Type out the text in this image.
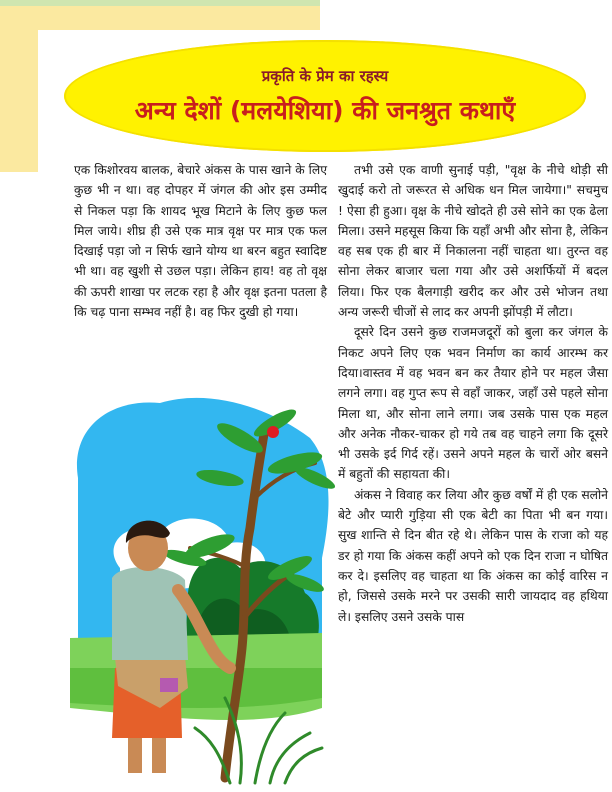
प्रकृति के प्रेम का रहस्य

अन्य देशों (मलयेशिया) की जनश्रुत कथाएँ

एक किशोरवय बालक, बेचारे अंकस के पास खाने के लिए कुछ भी न था। वह दोपहर में जंगल की ओर इस उम्मीद से निकल पड़ा कि शायद भूख मिटाने के लिए कुछ फल मिल जाये। शीघ्र ही उसे एक मात्र वृक्ष पर मात्र एक फल दिखाई पड़ा जो न सिर्फ खाने योग्य था बरन बहुत स्वादिष्ट भी था। वह खुशी से उछल पड़ा। लेकिन हाय! वह तो वृक्ष की ऊपरी शाखा पर लटक रहा है और वृक्ष इतना पतला है कि चढ़ पाना सम्भव नहीं है। वह फिर दुखी हो गया।

तभी उसे एक वाणी सुनाई पड़ी, "वृक्ष के नीचे थोड़ी सी खुदाई करो तो जरूरत से अधिक धन मिल जायेगा।" सचमुच ! ऐसा ही हुआ। वृक्ष के नीचे खोदते ही उसे सोने का एक ढेला मिला। उसने महसूस किया कि यहाँ अभी और सोना है, लेकिन वह सब एक ही बार में निकालना नहीं चाहता था। तुरन्त वह सोना लेकर बाजार चला गया और उसे अशर्फियों में बदल लिया। फिर एक बैलगाड़ी खरीद कर और उसे भोजन तथा अन्य जरूरी चीजों से लाद कर अपनी झोंपड़ी में लौटा।

दूसरे दिन उसने कुछ राजमजदूरों को बुला कर जंगल के निकट अपने लिए एक भवन निर्माण का कार्य आरम्भ कर दिया।वास्तव में वह भवन बन कर तैयार होने पर महल जैसा लगने लगा। वह गुप्त रूप से वहाँ जाकर, जहाँ उसे पहले सोना मिला था, और सोना लाने लगा। जब उसके पास एक महल और अनेक नौकर-चाकर हो गये तब वह चाहने लगा कि दूसरे भी उसके इर्द गिर्द रहें। उसने अपने महल के चारों ओर बसने में बहुतों की सहायता की।

अंकस ने विवाह कर लिया और कुछ वर्षों में ही एक सलोने बेटे और प्यारी गुड़िया सी एक बेटी का पिता भी बन गया। सुख शान्ति से दिन बीत रहे थे। लेकिन पास के राजा को यह डर हो गया कि अंकस कहीं अपने को एक दिन राजा न घोषित कर दे। इसलिए वह चाहता था कि अंकस का कोई वारिस न हो, जिससे उसके मरने पर उसकी सारी जायदाद वह हथिया ले। इसलिए उसने उसके पास
